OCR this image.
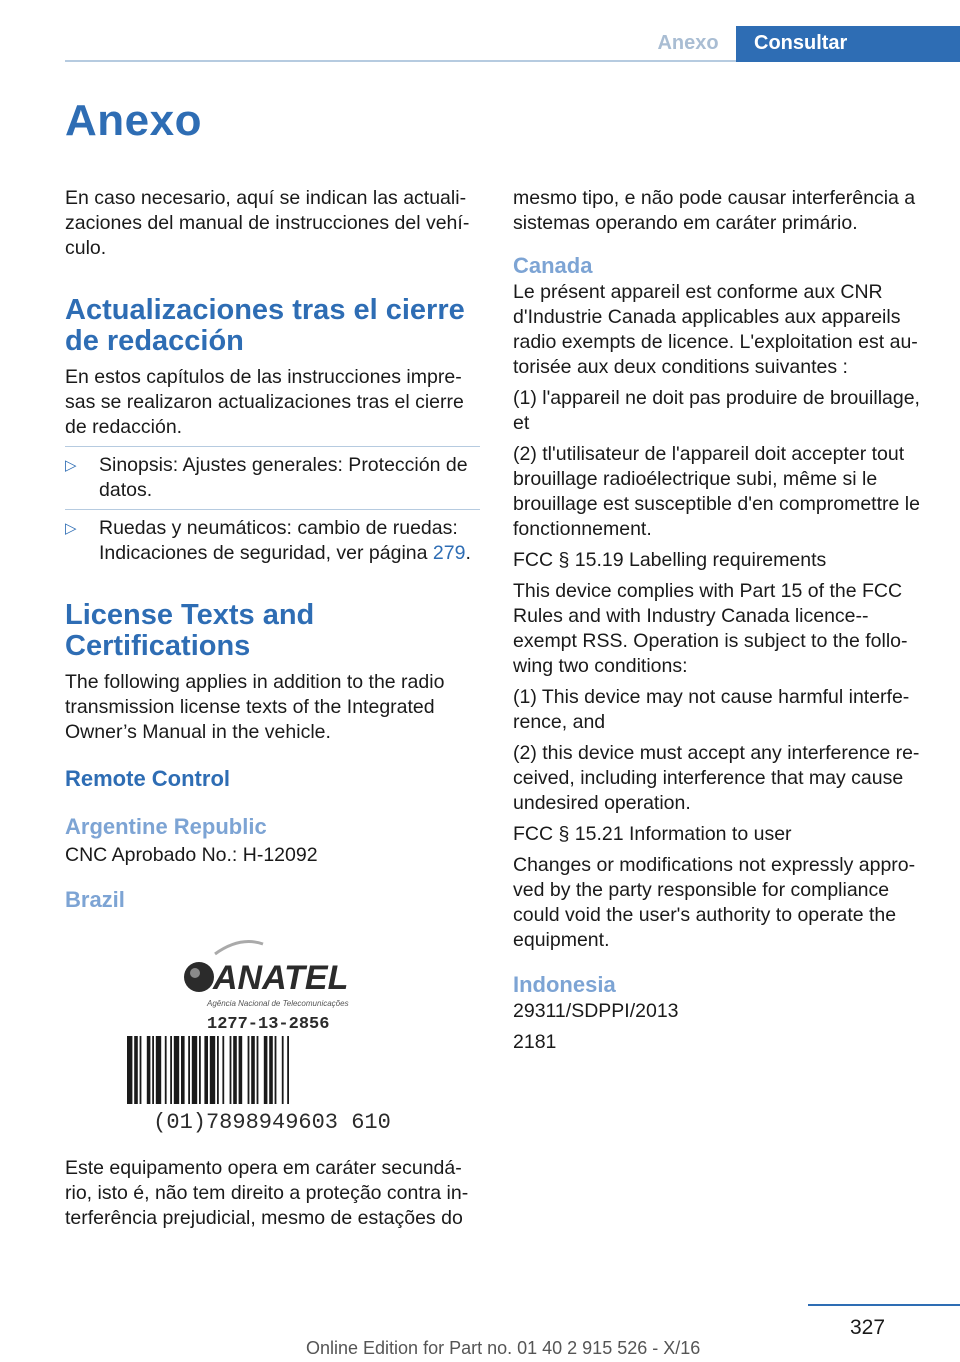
Anexo	Consultar
Anexo

En caso necesario, aquí se indican las actuali-zaciones del manual de instrucciones del vehí-culo.

Actualizaciones tras el cierre de redacción

En estos capítulos de las instrucciones impre-sas se realizaron actualizaciones tras el cierre de redacción.

▷	Sinopsis: Ajustes generales: Protección de datos.
▷	Ruedas y neumáticos: cambio de ruedas: Indicaciones de seguridad, ver página 279.
License Texts and Certifications

The following applies in addition to the radio transmission license texts of the Integrated Owner’s Manual in the vehicle.

Remote Control
Argentine Republic

CNC Aprobado No.: H-12092

Brazil
ANATEL
Agência Nacional de Telecomunicações
1277-13-2856
(01)7898949603 610

Este equipamento opera em caráter secundá-rio, isto é, não tem direito a proteção contra in-terferência prejudicial, mesmo de estações do

mesmo tipo, e não pode causar interferência a sistemas operando em caráter primário.

Canada

Le présent appareil est conforme aux CNR d'Industrie Canada applicables aux appareils radio exempts de licence. L'exploitation est au-torisée aux deux conditions suivantes :

(1) l'appareil ne doit pas produire de brouillage, et

(2) tl'utilisateur de l'appareil doit accepter tout brouillage radioélectrique subi, même si le brouillage est susceptible d'en compromettre le fonctionnement.

FCC § 15.19 Labelling requirements

This device complies with Part 15 of the FCC Rules and with Industry Canada licence--exempt RSS. Operation is subject to the follo-wing two conditions:

(1) This device may not cause harmful interfe-rence, and

(2) this device must accept any interference re-ceived, including interference that may cause undesired operation.

FCC § 15.21 Information to user

Changes or modifications not expressly appro-ved by the party responsible for compliance could void the user's authority to operate the equipment.

Indonesia

29311/SDPPI/2013

2181

327
Online Edition for Part no. 01 40 2 915 526 - X/16
